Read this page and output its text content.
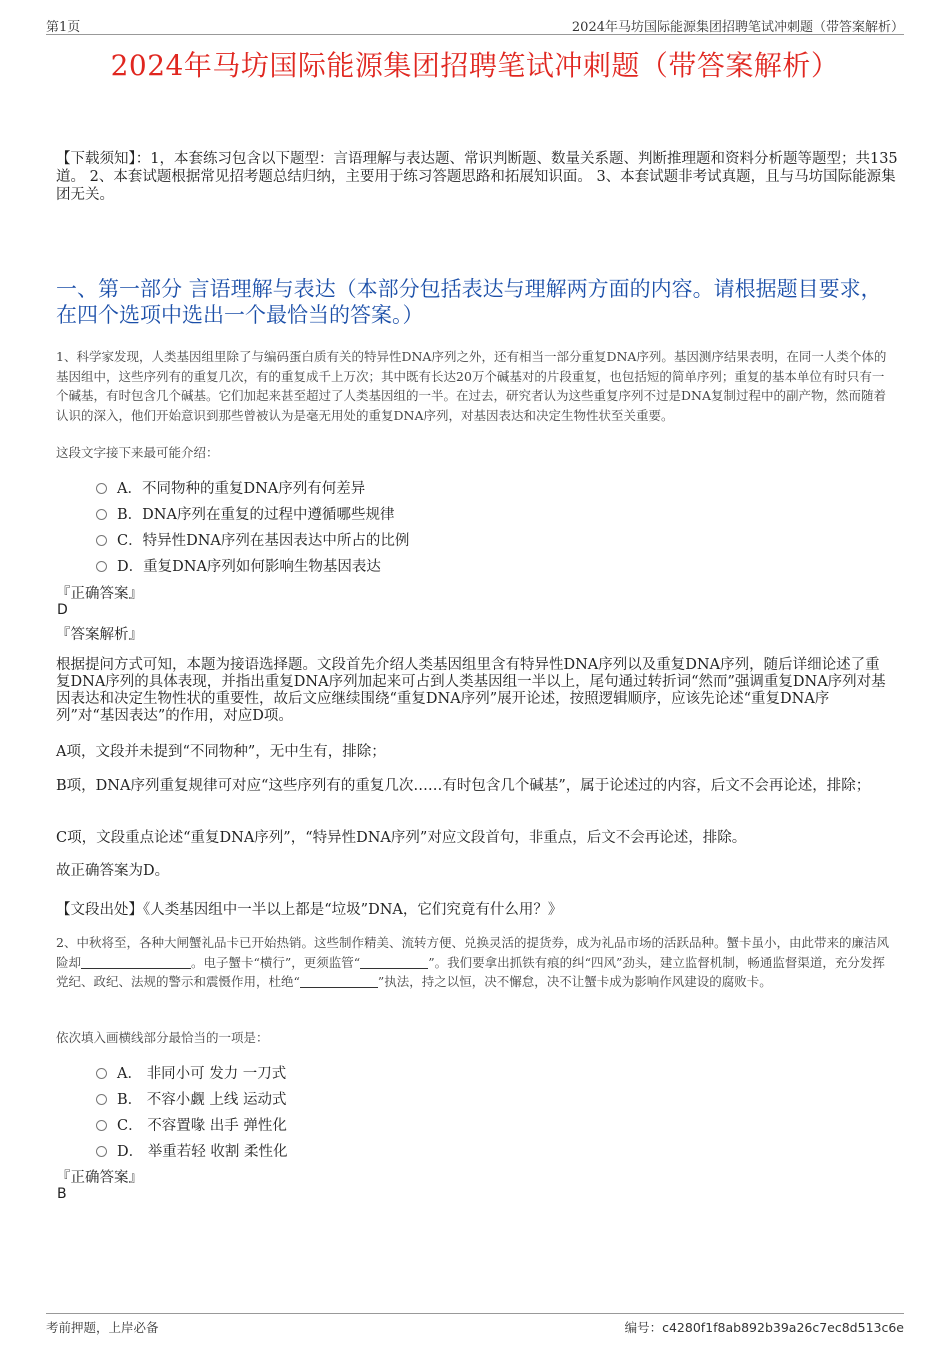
第1页	2024年马坊国际能源集团招聘笔试冲刺题（带答案解析）
2024年马坊国际能源集团招聘笔试冲刺题（带答案解析）
【下载须知】：1，本套练习包含以下题型：言语理解与表达题、常识判断题、数量关系题、判断推理题和资料分析题等题型；共135道。 2、本套试题根据常见招考题总结归纳，主要用于练习答题思路和拓展知识面。 3、本套试题非考试真题，且与马坊国际能源集团无关。
一、第一部分 言语理解与表达（本部分包括表达与理解两方面的内容。请根据题目要求，在四个选项中选出一个最恰当的答案。）
1、科学家发现，人类基因组里除了与编码蛋白质有关的特异性DNA序列之外，还有相当一部分重复DNA序列。基因测序结果表明，在同一人类个体的基因组中，这些序列有的重复几次，有的重复成千上万次；其中既有长达20万个碱基对的片段重复，也包括短的简单序列；重复的基本单位有时只有一个碱基，有时包含几个碱基。它们加起来甚至超过了人类基因组的一半。在过去，研究者认为这些重复序列不过是DNA复制过程中的副产物，然而随着认识的深入，他们开始意识到那些曾被认为是毫无用处的重复DNA序列，对基因表达和决定生物性状至关重要。
这段文字接下来最可能介绍：
A．不同物种的重复DNA序列有何差异
B．DNA序列在重复的过程中遵循哪些规律
C．特异性DNA序列在基因表达中所占的比例
D．重复DNA序列如何影响生物基因表达
『正确答案』
D
『答案解析』
根据提问方式可知，本题为接语选择题。文段首先介绍人类基因组里含有特异性DNA序列以及重复DNA序列，随后详细论述了重复DNA序列的具体表现，并指出重复DNA序列加起来可占到人类基因组一半以上，尾句通过转折词“然而”强调重复DNA序列对基因表达和决定生物性状的重要性，故后文应继续围绕“重复DNA序列”展开论述，按照逻辑顺序，应该先论述“重复DNA序列”对“基因表达”的作用，对应D项。
A项，文段并未提到“不同物种”，无中生有，排除；
B项，DNA序列重复规律可对应“这些序列有的重复几次……有时包含几个碱基”，属于论述过的内容，后文不会再论述，排除；
C项，文段重点论述“重复DNA序列”，“特异性DNA序列”对应文段首句，非重点，后文不会再论述，排除。
故正确答案为D。
【文段出处】《人类基因组中一半以上都是“垃圾”DNA，它们究竟有什么用？》
2、中秋将至，各种大闸蟹礼品卡已开始热销。这些制作精美、流转方便、兑换灵活的提货券，成为礼品市场的活跃品种。蟹卡虽小，由此带来的廉洁风险却	。电子蟹卡“横行”，更须监管“	”。我们要拿出抓铁有痕的纠“四风”劲头，建立监督机制，畅通监督渠道，充分发挥党纪、政纪、法规的警示和震慑作用，杜绝“	”执法，持之以恒，决不懈怠，决不让蟹卡成为影响作风建设的腐败卡。
依次填入画横线部分最恰当的一项是：
A． 非同小可 发力 一刀式
B． 不容小觑 上线 运动式
C． 不容置喙 出手 弹性化
D． 举重若轻 收割 柔性化
『正确答案』
B
考前押题，上岸必备	编号：c4280f1f8ab892b39a26c7ec8d513c6e
